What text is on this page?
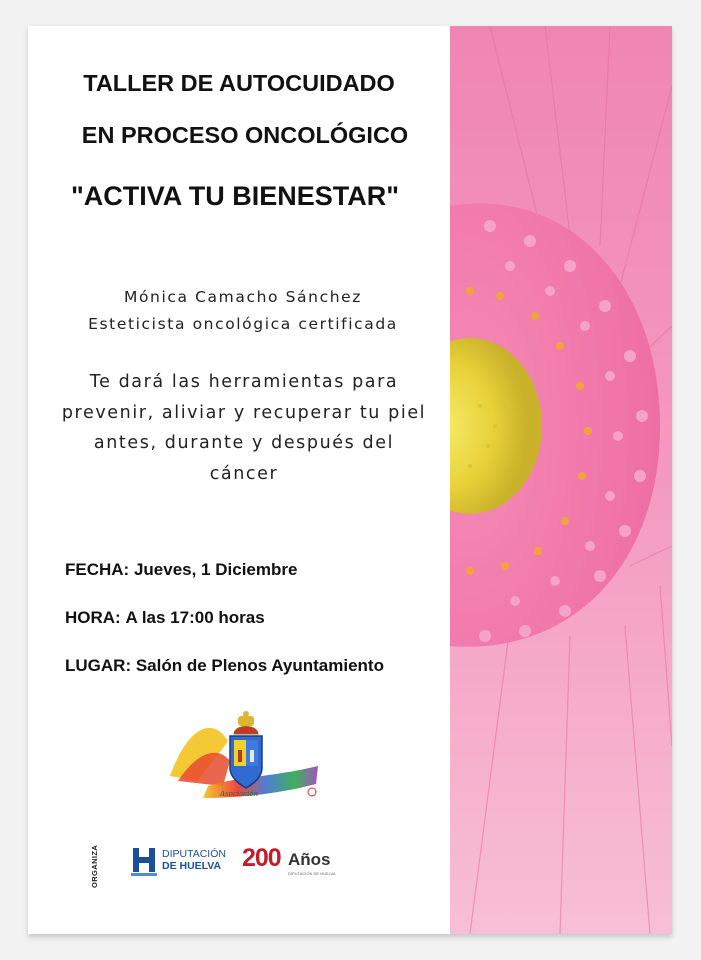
TALLER DE AUTOCUIDADO
EN PROCESO ONCOLÓGICO
"ACTIVA TU BIENESTAR"
Mónica Camacho Sánchez
Esteticista oncológica certificada
Te dará las herramientas para prevenir, aliviar y recuperar tu piel antes, durante y después del cáncer
FECHA: Jueves, 1 Diciembre
HORA: A las 17:00 horas
LUGAR: Salón de Plenos Ayuntamiento
Asociación
ORGANIZA	DIPUTACIÓN
DE HUELVA 200 Años
DIPUTACIÓN DE HUELVA
